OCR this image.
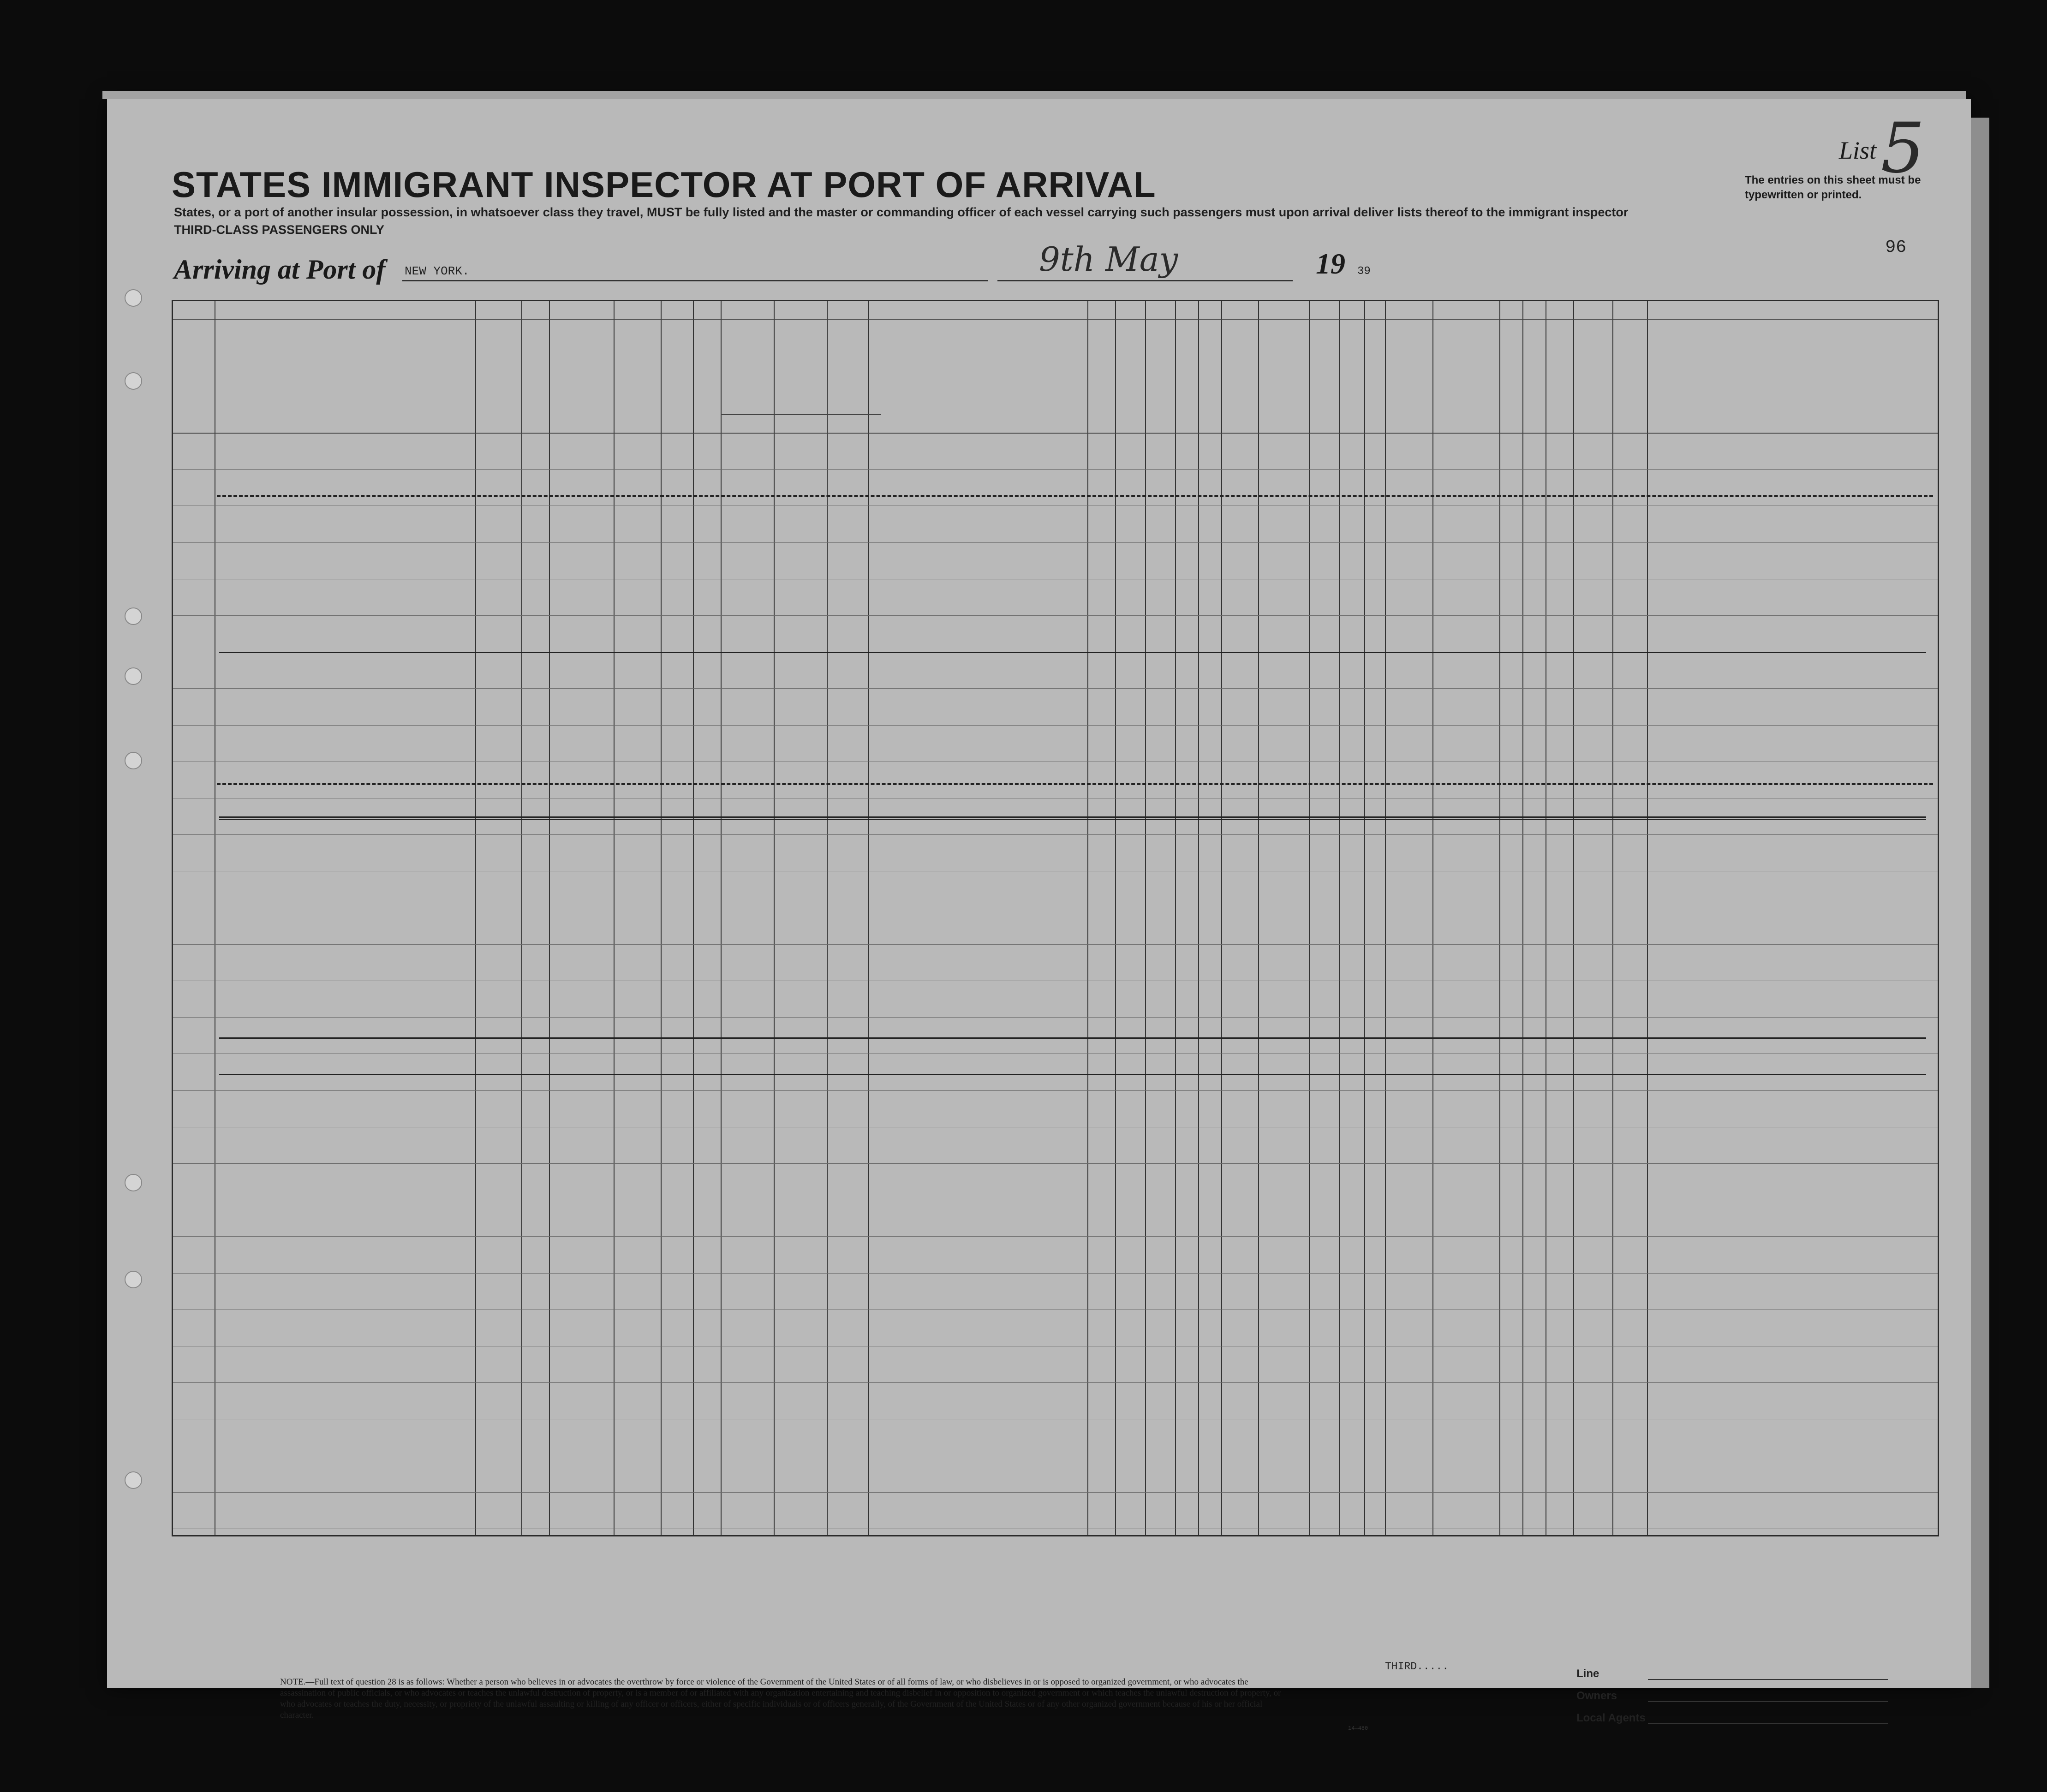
STATES IMMIGRANT INSPECTOR AT PORT OF ARRIVAL
States, or a port of another insular possession, in whatsoever class they travel, MUST be fully listed and the master or commanding officer of each vessel carrying such passengers must upon arrival deliver lists thereof to the immigrant inspector
THIRD-CLASS PASSENGERS ONLY
Arriving at Port of NEW YORK.	9th May	19 39
List 5
The entries on this sheet must be typewritten or printed.
96
NOTE.—Full text of question 28 is as follows: Whether a person who believes in or advocates the overthrow by force or violence of the Government of the United States or of all forms of law, or who disbelieves in or is opposed to organized government, or who advocates the assassination of public officials, or who advocates or teaches the unlawful destruction of property, or is a member of or affiliated with any organization entertaining and teaching disbelief in or opposition to organized government or which teaches the unlawful destruction of property, or who advocates or teaches the duty, necessity, or propriety of the unlawful assaulting or killing of any officer or officers, either of specific individuals or of officers generally, of the Government of the United States or of any other organized government because of his or her official character.
14—480
THIRD.....
Line
Owners
Local Agents
